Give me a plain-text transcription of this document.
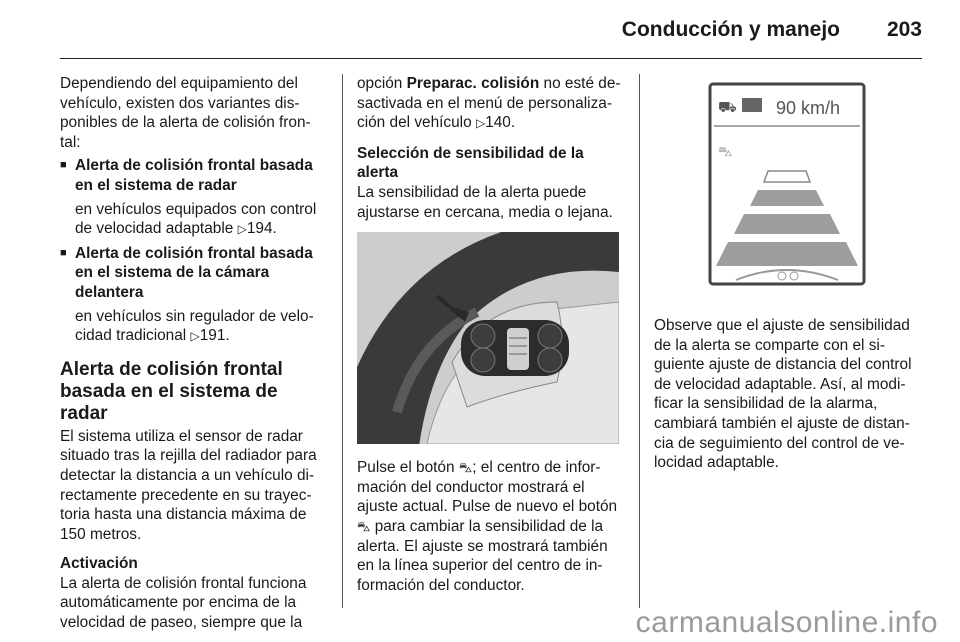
Conducción y manejo 203

Dependiendo del equipamiento del vehículo, existen dos variantes dis- ponibles de la alerta de colisión fron- tal:

■ Alerta de colisión frontal basada en el sistema de radar
en vehículos equipados con control de velocidad adaptable ▷ 194.
■ Alerta de colisión frontal basada en el sistema de la cámara delantera
en vehículos sin regulador de velo- cidad tradicional ▷ 191.
Alerta de colisión frontal basada en el sistema de radar

El sistema utiliza el sensor de radar situado tras la rejilla del radiador para detectar la distancia a un vehículo di- rectamente precedente en su trayec- toria hasta una distancia máxima de 150 metros.

Activación

La alerta de colisión frontal funciona automáticamente por encima de la velocidad de paseo, siempre que la

opción Preparac. colisión no esté de- sactivada en el menú de personaliza- ción del vehículo ▷ 140.

Selección de sensibilidad de la alerta

La sensibilidad de la alerta puede ajustarse en cercana, media o lejana.

Pulse el botón ⛍; el centro de infor- mación del conductor mostrará el ajuste actual. Pulse de nuevo el botón ⛍ para cambiar la sensibilidad de la alerta. El ajuste se mostrará también en la línea superior del centro de in- formación del conductor.

⛟ 90 km/h
⛍

Observe que el ajuste de sensibilidad de la alerta se comparte con el si- guiente ajuste de distancia del control de velocidad adaptable. Así, al modi- ficar la sensibilidad de la alarma, cambiará también el ajuste de distan- cia de seguimiento del control de ve- locidad adaptable.

carmanualsonline.info
